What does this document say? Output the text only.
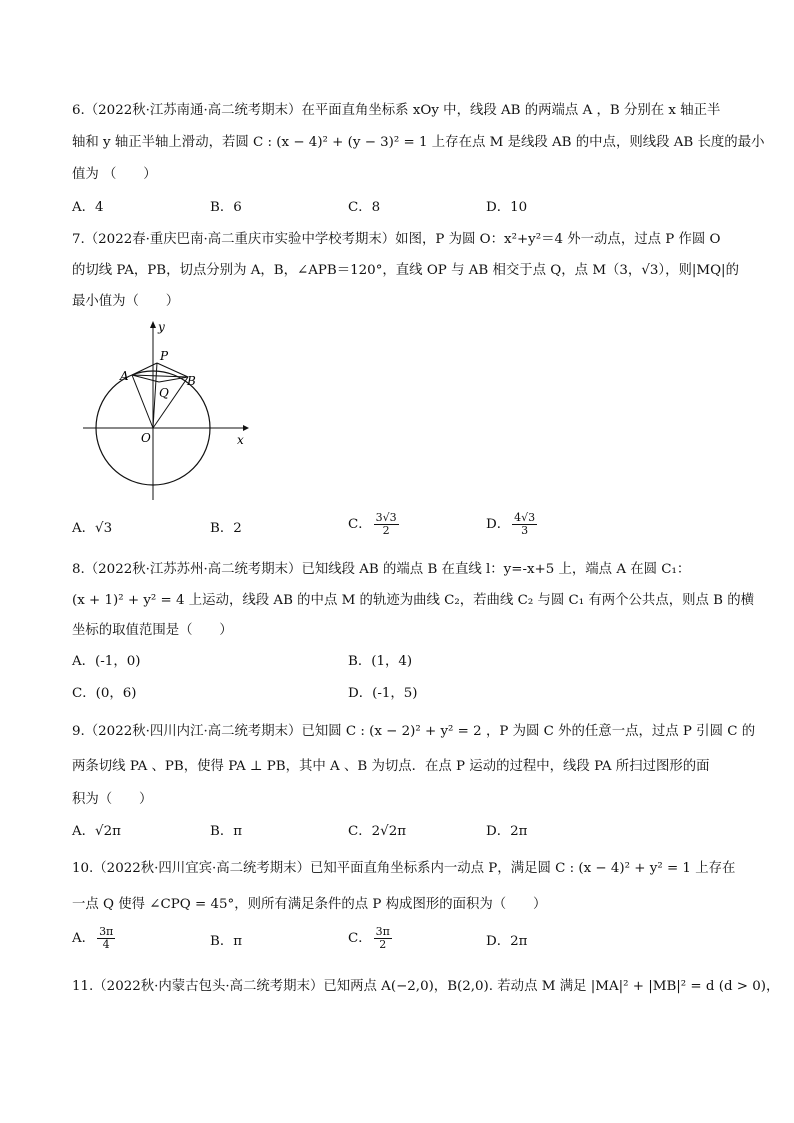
6.（2022秋·江苏南通·高二统考期末）在平面直角坐标系 xOy 中，线段 AB 的两端点 A ，B 分别在 x 轴正半
轴和 y 轴正半轴上滑动，若圆 C : (x − 4)² + (y − 3)² = 1 上存在点 M 是线段 AB 的中点，则线段 AB 长度的最小
值为 （　　）
A．4	B．6	C．8	D．10
7.（2022春·重庆巴南·高二重庆市实验中学校考期末）如图，P 为圆 O：x²+y²＝4 外一动点，过点 P 作圆 O
的切线 PA，PB，切点分别为 A，B，∠APB＝120°，直线 OP 与 AB 相交于点 Q，点 M（3，√3），则|MQ|的
最小值为（　　）
y
x
O
P
A	B
Q
A．√3	B．2	C． $\frac{3√3}{2}$	D． $\frac{4√3}{3}$
8.（2022秋·江苏苏州·高二统考期末）已知线段 AB 的端点 B 在直线 l：y=-x+5 上，端点 A 在圆 C₁：
(x + 1)² + y² = 4 上运动，线段 AB 的中点 M 的轨迹为曲线 C₂，若曲线 C₂ 与圆 C₁ 有两个公共点，则点 B 的横
坐标的取值范围是（　　）
A．(-1，0)	B．(1，4)
C．(0，6)	D．(-1，5)
9.（2022秋·四川内江·高二统考期末）已知圆 C : (x − 2)² + y² = 2 ，P 为圆 C 外的任意一点，过点 P 引圆 C 的
两条切线 PA 、PB，使得 PA ⊥ PB，其中 A 、B 为切点．在点 P 运动的过程中，线段 PA 所扫过图形的面
积为（　　）
A．√2π	B．π	C．2√2π	D．2π
10.（2022秋·四川宜宾·高二统考期末）已知平面直角坐标系内一动点 P，满足圆 C : (x − 4)² + y² = 1 上存在
一点 Q 使得 ∠CPQ = 45°，则所有满足条件的点 P 构成图形的面积为（　　）
A． $\frac{3\pi}{4}$	B．π	C． $\frac{3\pi}{2}$	D．2π
11.（2022秋·内蒙古包头·高二统考期末）已知两点 A(−2,0)，B(2,0). 若动点 M 满足 |MA|² + |MB|² = d (d > 0)，
